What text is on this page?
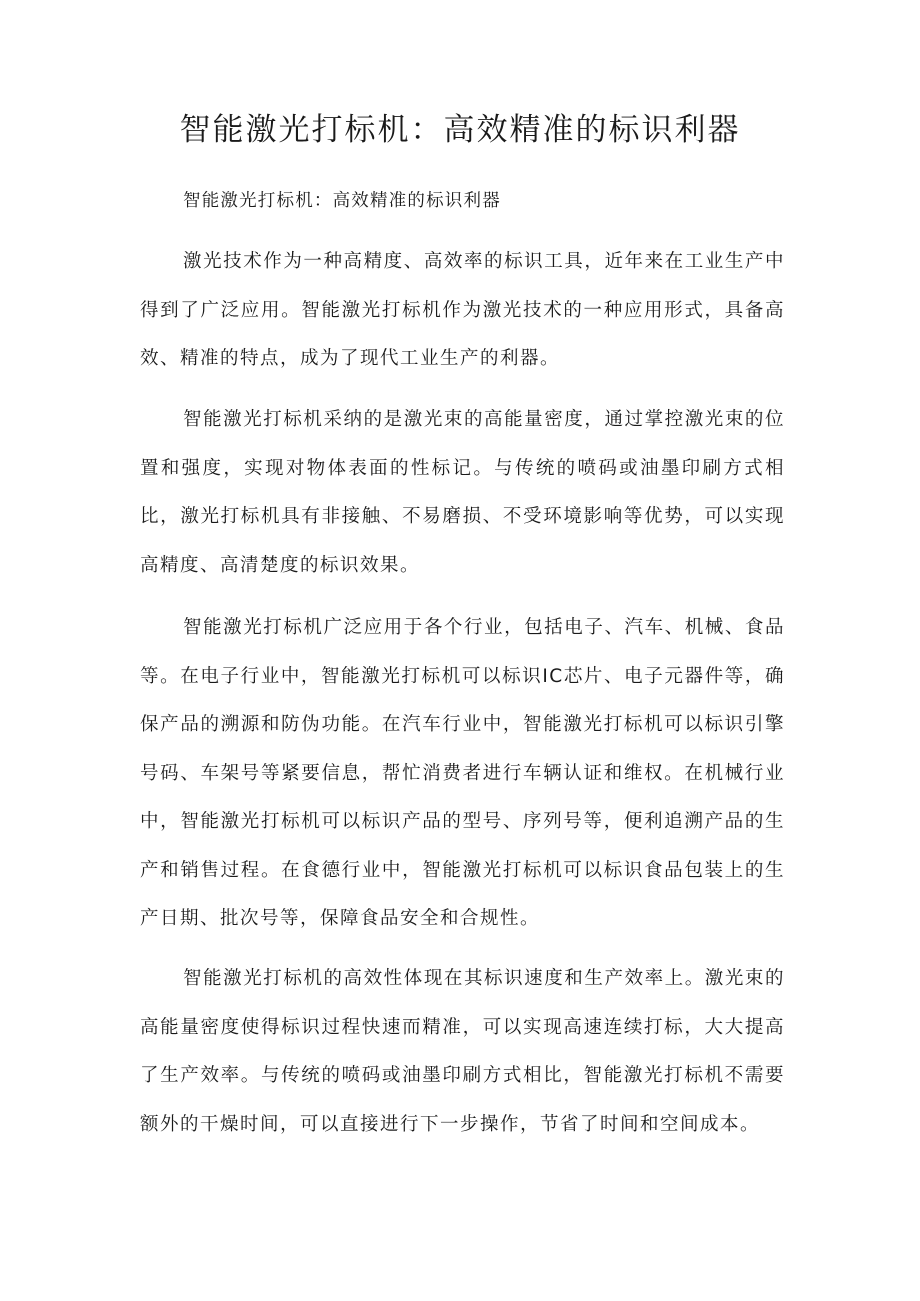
智能激光打标机：高效精准的标识利器

智能激光打标机：高效精准的标识利器

激光技术作为一种高精度、高效率的标识工具，近年来在工业生产中得到了广泛应用。智能激光打标机作为激光技术的一种应用形式，具备高效、精准的特点，成为了现代工业生产的利器。

智能激光打标机采纳的是激光束的高能量密度，通过掌控激光束的位置和强度，实现对物体表面的性标记。与传统的喷码或油墨印刷方式相比，激光打标机具有非接触、不易磨损、不受环境影响等优势，可以实现高精度、高清楚度的标识效果。

智能激光打标机广泛应用于各个行业，包括电子、汽车、机械、食品等。在电子行业中，智能激光打标机可以标识IC芯片、电子元器件等，确保产品的溯源和防伪功能。在汽车行业中，智能激光打标机可以标识引擎号码、车架号等紧要信息，帮忙消费者进行车辆认证和维权。在机械行业中，智能激光打标机可以标识产品的型号、序列号等，便利追溯产品的生产和销售过程。在食德行业中，智能激光打标机可以标识食品包装上的生产日期、批次号等，保障食品安全和合规性。

智能激光打标机的高效性体现在其标识速度和生产效率上。激光束的高能量密度使得标识过程快速而精准，可以实现高速连续打标，大大提高了生产效率。与传统的喷码或油墨印刷方式相比，智能激光打标机不需要额外的干燥时间，可以直接进行下一步操作，节省了时间和空间成本。
